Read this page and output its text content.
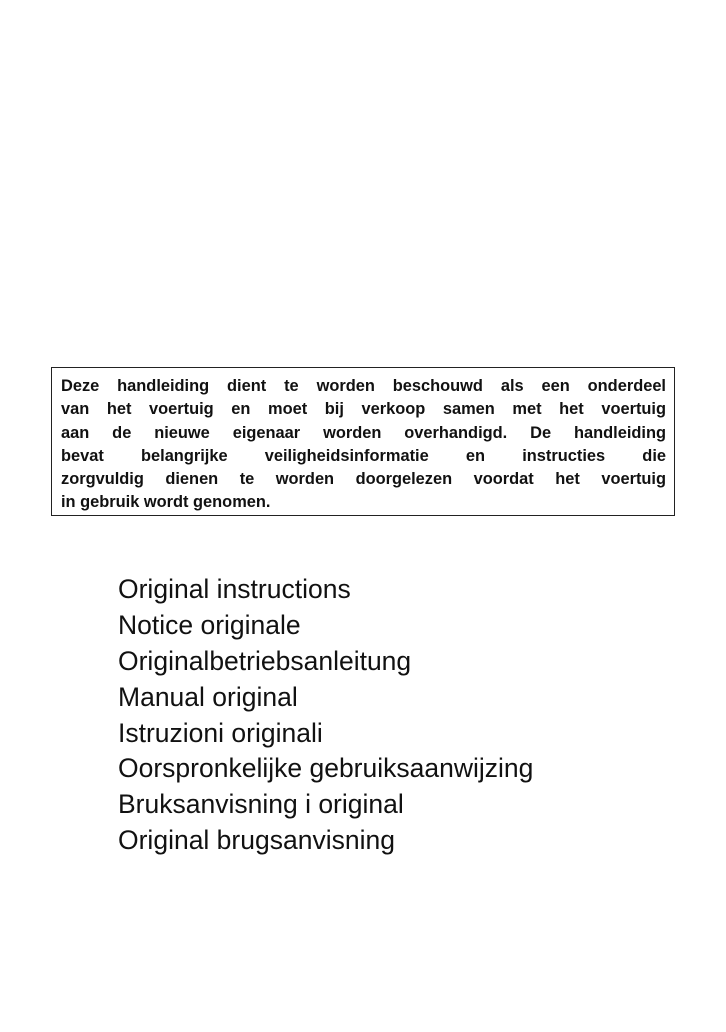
Deze handleiding dient te worden beschouwd als een onderdeel
van het voertuig en moet bij verkoop samen met het voertuig
aan de nieuwe eigenaar worden overhandigd. De handleiding
bevat belangrijke veiligheidsinformatie en instructies die
zorgvuldig dienen te worden doorgelezen voordat het voertuig
in gebruik wordt genomen.
Original instructions
Notice originale
Originalbetriebsanleitung
Manual original
Istruzioni originali
Oorspronkelijke gebruiksaanwijzing
Bruksanvisning i original
Original brugsanvisning
